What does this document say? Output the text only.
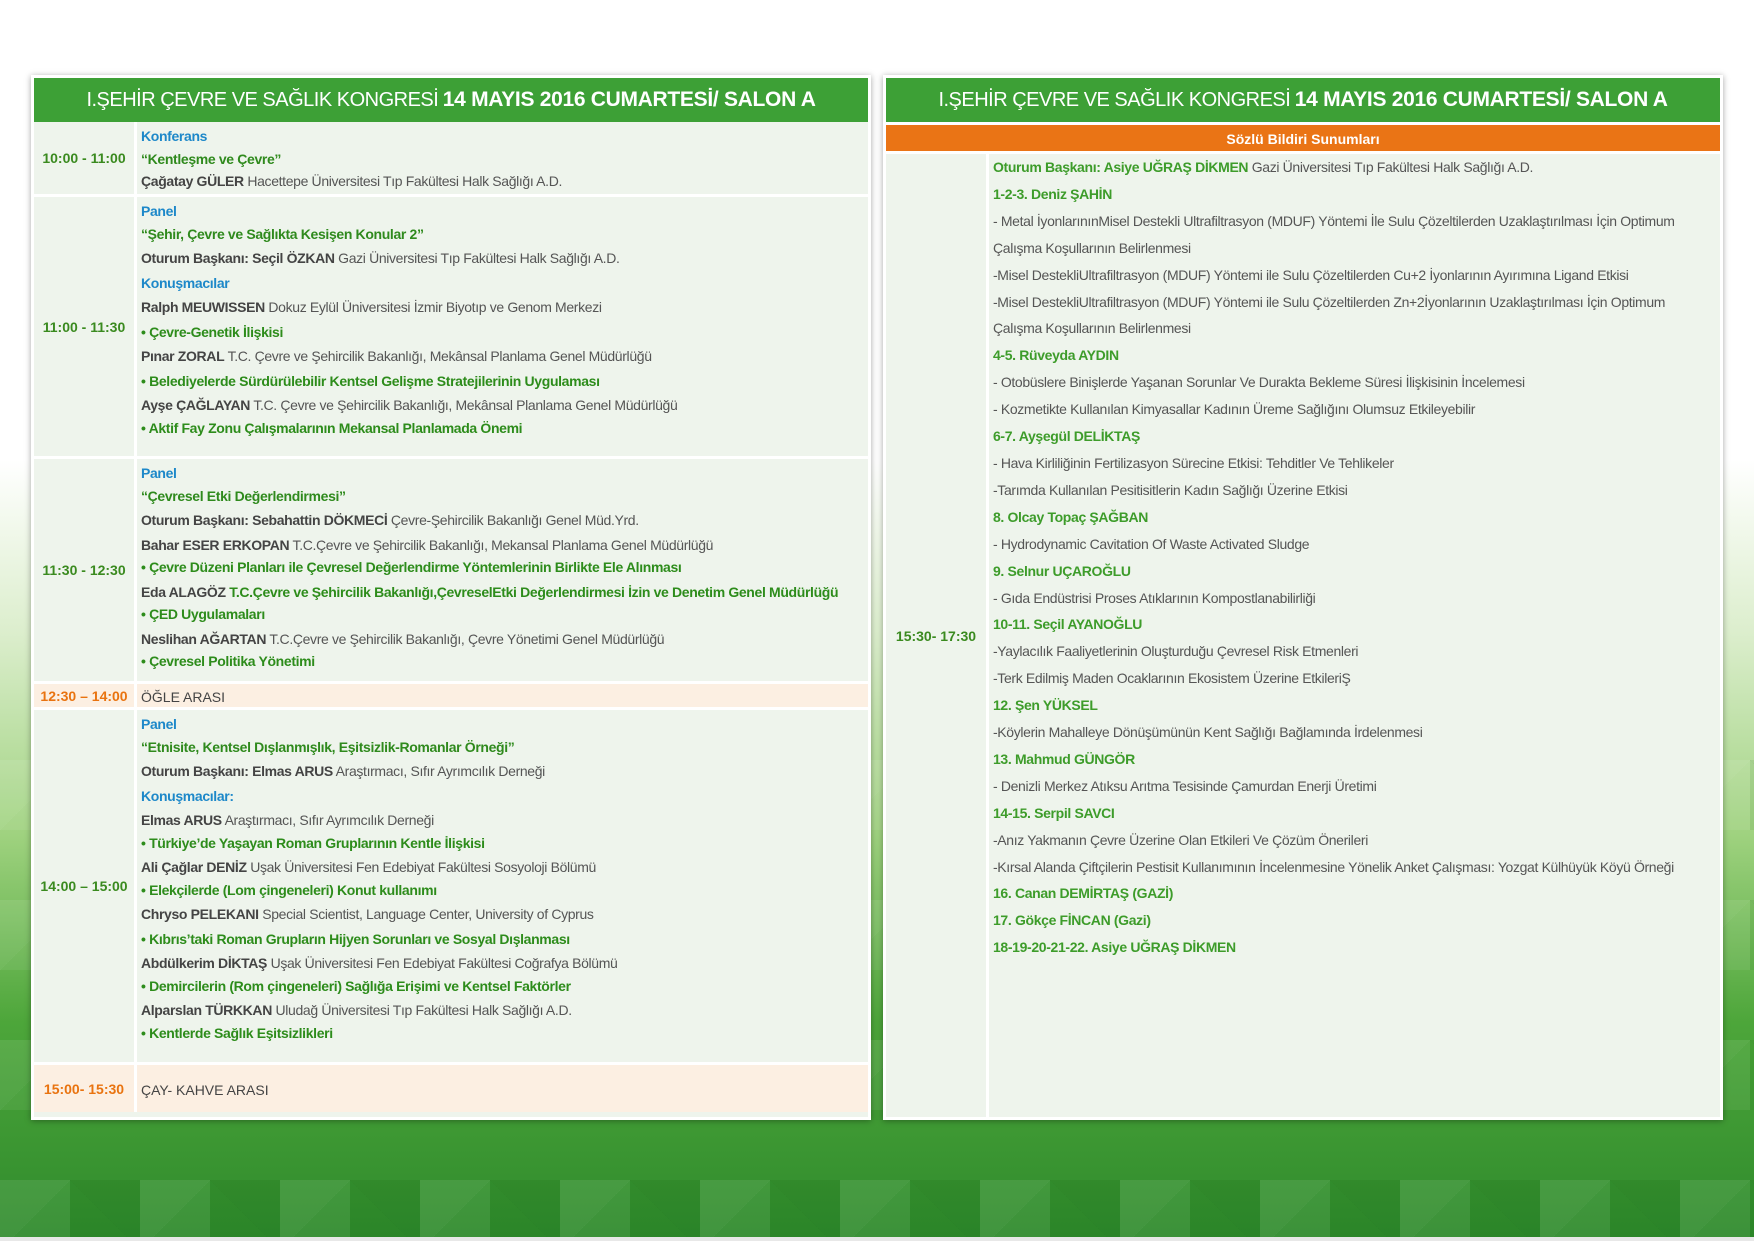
I.ŞEHİR ÇEVRE VE SAĞLIK KONGRESİ 14 MAYIS 2016 CUMARTESİ/ SALON A
10:00 - 11:00
Konferans
“Kentleşme ve Çevre”
Çağatay GÜLER Hacettepe Üniversitesi Tıp Fakültesi Halk Sağlığı A.D.
11:00 - 11:30
Panel
“Şehir, Çevre ve Sağlıkta Kesişen Konular 2”
Oturum Başkanı: Seçil ÖZKAN Gazi Üniversitesi Tıp Fakültesi Halk Sağlığı A.D.
Konuşmacılar
Ralph MEUWISSEN Dokuz Eylül Üniversitesi İzmir Biyotıp ve Genom Merkezi
• Çevre-Genetik İlişkisi
Pınar ZORAL T.C. Çevre ve Şehircilik Bakanlığı, Mekânsal Planlama Genel Müdürlüğü
• Belediyelerde Sürdürülebilir Kentsel Gelişme Stratejilerinin Uygulaması
Ayşe ÇAĞLAYAN T.C. Çevre ve Şehircilik Bakanlığı, Mekânsal Planlama Genel Müdürlüğü
• Aktif Fay Zonu Çalışmalarının Mekansal Planlamada Önemi
11:30 - 12:30
Panel
“Çevresel Etki Değerlendirmesi”
Oturum Başkanı: Sebahattin DÖKMECİ Çevre-Şehircilik Bakanlığı Genel Müd.Yrd.
Bahar ESER ERKOPAN T.C.Çevre ve Şehircilik Bakanlığı, Mekansal Planlama Genel Müdürlüğü
• Çevre Düzeni Planları ile Çevresel Değerlendirme Yöntemlerinin Birlikte Ele Alınması
Eda ALAGÖZ T.C.Çevre ve Şehircilik Bakanlığı,ÇevreselEtki Değerlendirmesi İzin ve Denetim Genel Müdürlüğü
• ÇED Uygulamaları
Neslihan AĞARTAN T.C.Çevre ve Şehircilik Bakanlığı, Çevre Yönetimi Genel Müdürlüğü
• Çevresel Politika Yönetimi
12:30 – 14:00 ÖĞLE ARASI
14:00 – 15:00
Panel
“Etnisite, Kentsel Dışlanmışlık, Eşitsizlik-Romanlar Örneği”
Oturum Başkanı: Elmas ARUS Araştırmacı, Sıfır Ayrımcılık Derneği
Konuşmacılar:
Elmas ARUS Araştırmacı, Sıfır Ayrımcılık Derneği
• Türkiye’de Yaşayan Roman Gruplarının Kentle İlişkisi
Ali Çağlar DENİZ Uşak Üniversitesi Fen Edebiyat Fakültesi Sosyoloji Bölümü
• Elekçilerde (Lom çingeneleri) Konut kullanımı
Chryso PELEKANI Special Scientist, Language Center, University of Cyprus
• Kıbrıs’taki Roman Grupların Hijyen Sorunları ve Sosyal Dışlanması
Abdülkerim DİKTAŞ Uşak Üniversitesi Fen Edebiyat Fakültesi Coğrafya Bölümü
• Demircilerin (Rom çingeneleri) Sağlığa Erişimi ve Kentsel Faktörler
Alparslan TÜRKKAN Uludağ Üniversitesi Tıp Fakültesi Halk Sağlığı A.D.
• Kentlerde Sağlık Eşitsizlikleri
15:00- 15:30	ÇAY- KAHVE ARASI
I.ŞEHİR ÇEVRE VE SAĞLIK KONGRESİ 14 MAYIS 2016 CUMARTESİ/ SALON A
Sözlü Bildiri Sunumları
15:30- 17:30
Oturum Başkanı: Asiye UĞRAŞ DİKMEN Gazi Üniversitesi Tıp Fakültesi Halk Sağlığı A.D.
1-2-3. Deniz ŞAHİN
- Metal İyonlarınınMisel Destekli Ultrafiltrasyon (MDUF) Yöntemi İle Sulu Çözeltilerden Uzaklaştırılması İçin Optimum Çalışma Koşullarının Belirlenmesi
-Misel DestekliUltrafiltrasyon (MDUF) Yöntemi ile Sulu Çözeltilerden Cu+2 İyonlarının Ayırımına Ligand Etkisi
-Misel DestekliUltrafiltrasyon (MDUF) Yöntemi ile Sulu Çözeltilerden Zn+2İyonlarının Uzaklaştırılması İçin Optimum Çalışma Koşullarının Belirlenmesi
4-5. Rüveyda AYDIN
- Otobüslere Binişlerde Yaşanan Sorunlar Ve Durakta Bekleme Süresi İlişkisinin İncelemesi
- Kozmetikte Kullanılan Kimyasallar Kadının Üreme Sağlığını Olumsuz Etkileyebilir
6-7. Ayşegül DELİKTAŞ
- Hava Kirliliğinin Fertilizasyon Sürecine Etkisi: Tehditler Ve Tehlikeler
-Tarımda Kullanılan Pesitisitlerin Kadın Sağlığı Üzerine Etkisi
8. Olcay Topaç ŞAĞBAN
- Hydrodynamic Cavitation Of Waste Activated Sludge
9. Selnur UÇAROĞLU
- Gıda Endüstrisi Proses Atıklarının Kompostlanabilirliği
10-11. Seçil AYANOĞLU
-Yaylacılık Faaliyetlerinin Oluşturduğu Çevresel Risk Etmenleri
-Terk Edilmiş Maden Ocaklarının Ekosistem Üzerine EtkileriŞ
12. Şen YÜKSEL
-Köylerin Mahalleye Dönüşümünün Kent Sağlığı Bağlamında İrdelenmesi
13. Mahmud GÜNGÖR
- Denizli Merkez Atıksu Arıtma Tesisinde Çamurdan Enerji Üretimi
14-15. Serpil SAVCI
-Anız Yakmanın Çevre Üzerine Olan Etkileri Ve Çözüm Önerileri
-Kırsal Alanda Çiftçilerin Pestisit Kullanımının İncelenmesine Yönelik Anket Çalışması: Yozgat Külhüyük Köyü Örneği
16. Canan DEMİRTAŞ (GAZİ)
17. Gökçe FİNCAN (Gazi)
18-19-20-21-22. Asiye UĞRAŞ DİKMEN
